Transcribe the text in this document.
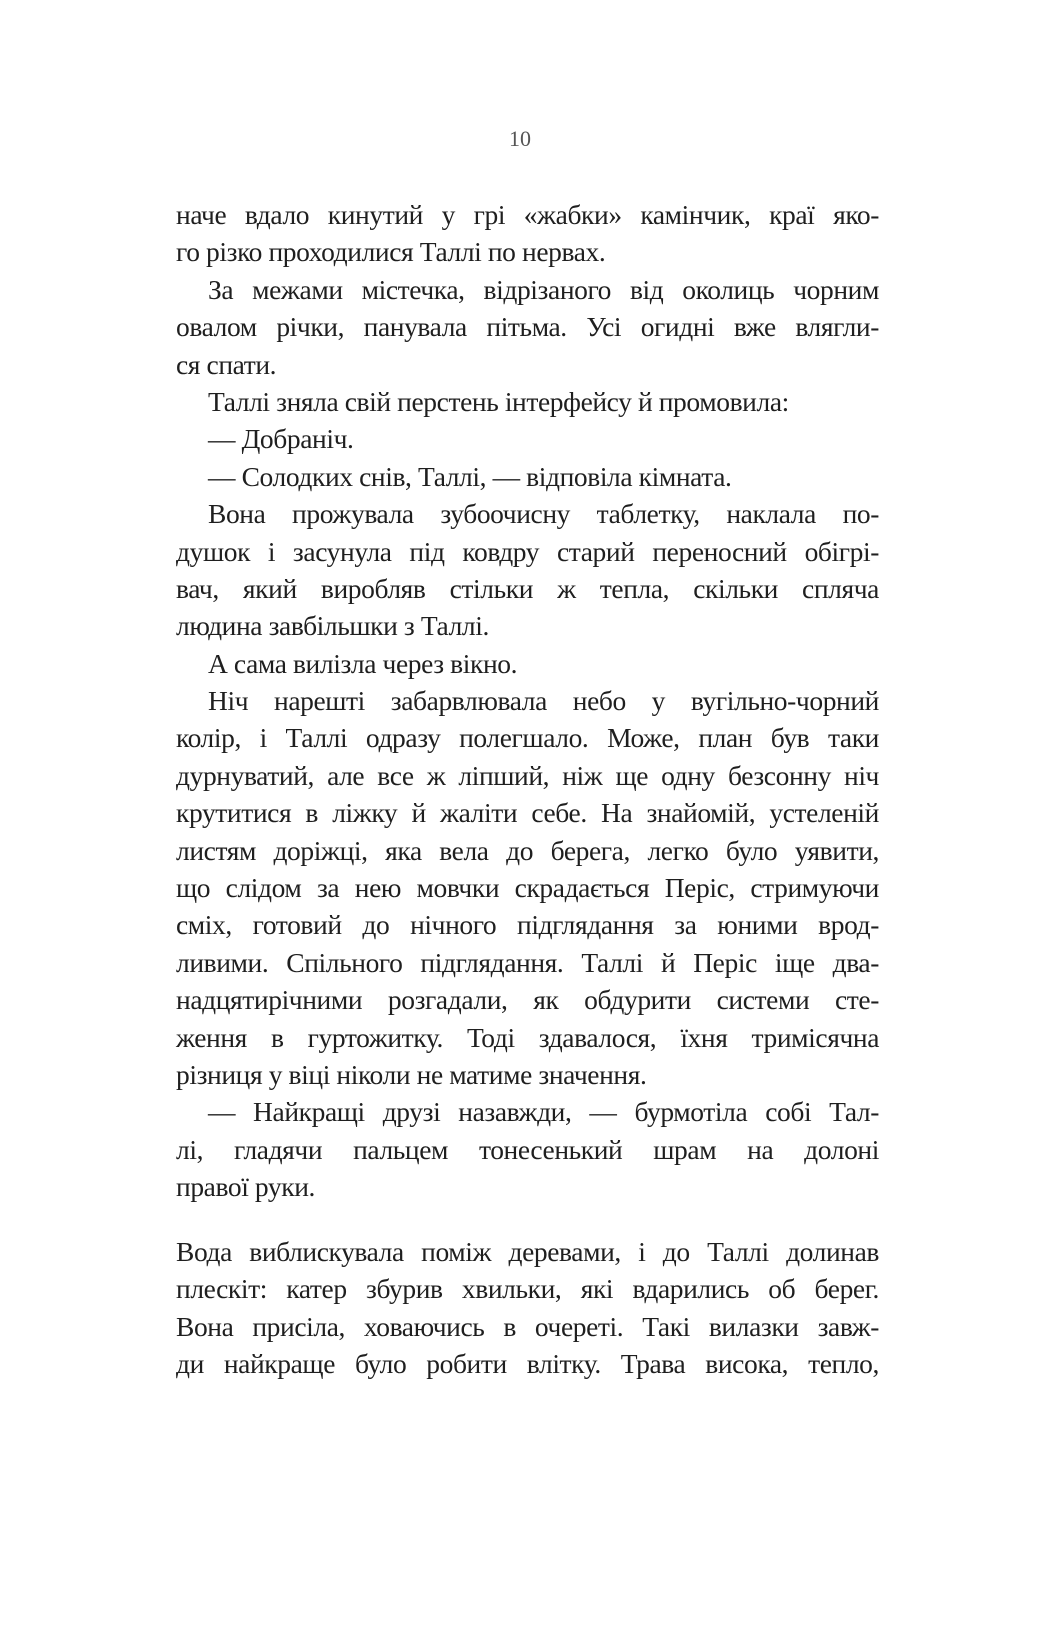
10
наче вдало кинутий у грі «жабки» камінчик, краї яко-
го різко проходилися Таллі по нервах.
За межами містечка, відрізаного від околиць чорним
овалом річки, панувала пітьма. Усі огидні вже влягли-
ся спати.
Таллі зняла свій перстень інтерфейсу й промовила:
— Добраніч.
— Солодких снів, Таллі, — відповіла кімната.
Вона прожувала зубоочисну таблетку, наклала по-
душок і засунула під ковдру старий переносний обігрі-
вач, який виробляв стільки ж тепла, скільки спляча
людина завбільшки з Таллі.
А сама вилізла через вікно.
Ніч нарешті забарвлювала небо у вугільно-чорний
колір, і Таллі одразу полегшало. Може, план був таки
дурнуватий, але все ж ліпший, ніж ще одну безсонну ніч
крутитися в ліжку й жаліти себе. На знайомій, устеленій
листям доріжці, яка вела до берега, легко було уявити,
що слідом за нею мовчки скрадається Періс, стримуючи
сміх, готовий до нічного підглядання за юними врод-
ливими. Спільного підглядання. Таллі й Періс іще два-
надцятирічними розгадали, як обдурити системи сте-
ження в гуртожитку. Тоді здавалося, їхня тримісячна
різниця у віці ніколи не матиме значення.
— Найкращі друзі назавжди, — бурмотіла собі Тал-
лі, гладячи пальцем тонесенький шрам на долоні
правої руки.
Вода виблискувала поміж деревами, і до Таллі долинав
плескіт: катер збурив хвильки, які вдарились об берег.
Вона присіла, ховаючись в очереті. Такі вилазки завж-
ди найкраще було робити влітку. Трава висока, тепло,
